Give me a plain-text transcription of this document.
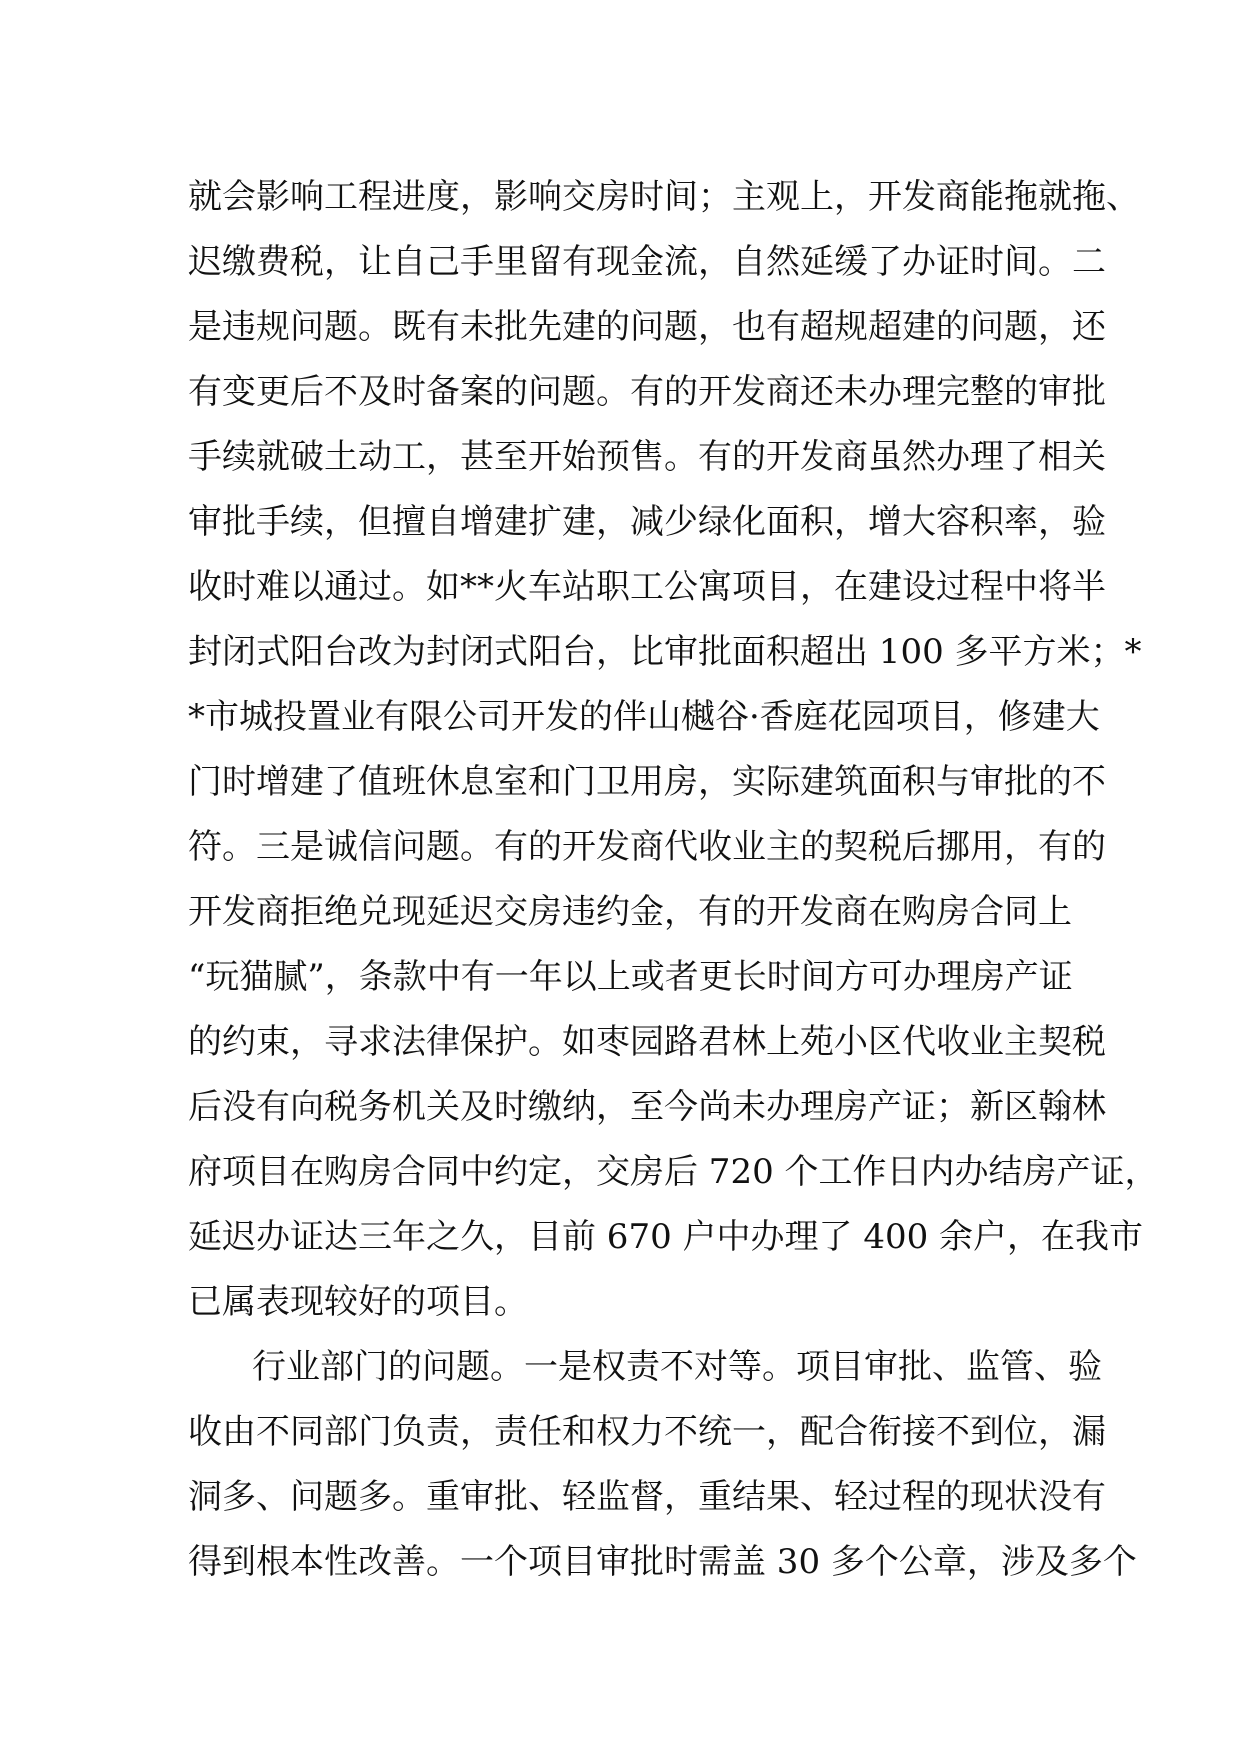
就会影响工程进度，影响交房时间；主观上，开发商能拖就拖、
迟缴费税，让自己手里留有现金流，自然延缓了办证时间。二
是违规问题。既有未批先建的问题，也有超规超建的问题，还
有变更后不及时备案的问题。有的开发商还未办理完整的审批
手续就破土动工，甚至开始预售。有的开发商虽然办理了相关
审批手续，但擅自增建扩建，减少绿化面积，增大容积率，验
收时难以通过。如**火车站职工公寓项目，在建设过程中将半
封闭式阳台改为封闭式阳台，比审批面积超出 100 多平方米；*
*市城投置业有限公司开发的伴山樾谷·香庭花园项目，修建大
门时增建了值班休息室和门卫用房，实际建筑面积与审批的不
符。三是诚信问题。有的开发商代收业主的契税后挪用，有的
开发商拒绝兑现延迟交房违约金，有的开发商在购房合同上
“玩猫腻”，条款中有一年以上或者更长时间方可办理房产证
的约束，寻求法律保护。如枣园路君林上苑小区代收业主契税
后没有向税务机关及时缴纳，至今尚未办理房产证；新区翰林
府项目在购房合同中约定，交房后 720 个工作日内办结房产证，
延迟办证达三年之久，目前 670 户中办理了 400 余户，在我市
已属表现较好的项目。
行业部门的问题。一是权责不对等。项目审批、监管、验
收由不同部门负责，责任和权力不统一，配合衔接不到位，漏
洞多、问题多。重审批、轻监督，重结果、轻过程的现状没有
得到根本性改善。一个项目审批时需盖 30 多个公章，涉及多个
